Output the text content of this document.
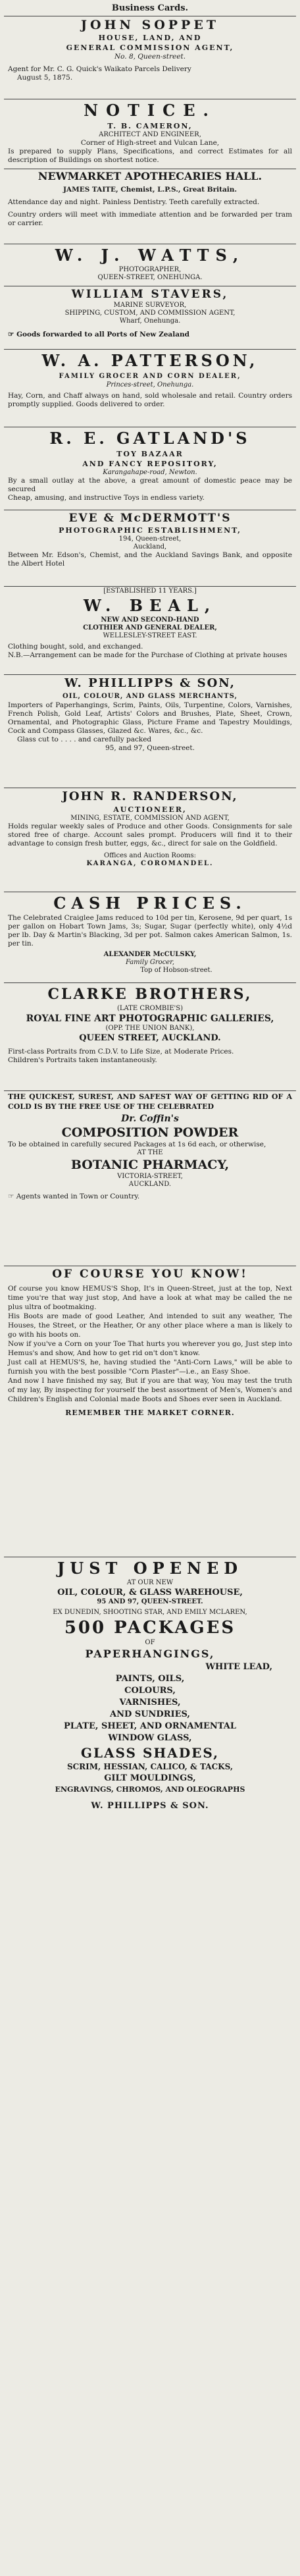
Business Cards.
JOHN SOPPET
HOUSE, LAND, AND
GENERAL COMMISSION AGENT,
No. 8, Queen-street.
Agent for Mr. C. G. Quick's Waikato Parcels Delivery
August 5, 1875.
NOTICE.
T. B. CAMERON,
ARCHITECT AND ENGINEER,
Corner of High-street and Vulcan Lane,
Is prepared to supply Plans, Specifications, and correct Estimates for all description of Buildings on shortest notice.
NEWMARKET APOTHECARIES HALL.
JAMES TAITE, Chemist, L.P.S., Great Britain.
Attendance day and night. Painless Dentistry. Teeth carefully extracted.
Country orders will meet with immediate attention and be forwarded per tram or carrier.
W. J. WATTS,
PHOTOGRAPHER,
QUEEN-STREET, ONEHUNGA.
WILLIAM STAVERS,
MARINE SURVEYOR,
SHIPPING, CUSTOM, AND COMMISSION AGENT,
Wharf, Onehunga.
☞ Goods forwarded to all Ports of New Zealand
W. A. PATTERSON,
FAMILY GROCER AND CORN DEALER,
Princes-street, Onehunga.
Hay, Corn, and Chaff always on hand, sold wholesale and retail. Country orders promptly supplied. Goods delivered to order.
R. E. GATLAND'S
TOY BAZAAR
AND FANCY REPOSITORY,
Karangahape-road, Newton.
By a small outlay at the above, a great amount of domestic peace may be secured
Cheap, amusing, and instructive Toys in endless variety.
EVE & McDERMOTT'S
PHOTOGRAPHIC ESTABLISHMENT,
194, Queen-street,
Auckland,
Between Mr. Edson's, Chemist, and the Auckland Savings Bank, and opposite the Albert Hotel
[ESTABLISHED 11 YEARS.]
W. BEAL,
NEW AND SECOND-HAND
CLOTHIER AND GENERAL DEALER,
WELLESLEY-STREET EAST.
Clothing bought, sold, and exchanged.
N.B.—Arrangement can be made for the Purchase of Clothing at private houses
W. PHILLIPPS & SON,
OIL, COLOUR, AND GLASS MERCHANTS,
Importers of Paperhangings, Scrim, Paints, Oils, Turpentine, Colors, Varnishes, French Polish, Gold Leaf, Artists' Colors and Brushes, Plate, Sheet, Crown, Ornamental, and Photographic Glass, Picture Frame and Tapestry Mouldings, Cock and Compass Glasses, Glazed &c. Wares, &c., &c.
Glass cut to . . . . and carefully packed
95, and 97, Queen-street.
JOHN R. RANDERSON,
AUCTIONEER,
MINING, ESTATE, COMMISSION AND AGENT,
Holds regular weekly sales of Produce and other Goods. Consignments for sale stored free of charge. Account sales prompt. Producers will find it to their advantage to consign fresh butter, eggs, &c., direct for sale on the Goldfield.
Offices and Auction Rooms:
KARANGA, COROMANDEL.
CASH PRICES.
The Celebrated Craiglee Jams reduced to 10d per tin, Kerosene, 9d per quart, 1s per gallon on Hobart Town Jams, 3s; Sugar, Sugar (perfectly white), only 4½d per lb. Day & Martin's Blacking, 3d per pot. Salmon cakes American Salmon, 1s. per tin.
ALEXANDER McCULSKY,
Family Grocer,
Top of Hobson-street.
CLARKE BROTHERS,
(LATE CROMBIE'S)
ROYAL FINE ART PHOTOGRAPHIC GALLERIES,
(OPP. THE UNION BANK),
QUEEN STREET, AUCKLAND.
First-class Portraits from C.D.V. to Life Size, at Moderate Prices.
Children's Portraits taken instantaneously.
THE QUICKEST, SUREST, AND SAFEST WAY OF GETTING RID OF A COLD IS BY THE FREE USE OF THE CELEBRATED
Dr. Coffin's
COMPOSITION POWDER
To be obtained in carefully secured Packages at 1s 6d each, or otherwise,
AT THE
BOTANIC PHARMACY,
VICTORIA-STREET,
AUCKLAND.
☞ Agents wanted in Town or Country.
OF COURSE YOU KNOW!
Of course you know HEMUS'S Shop, It's in Queen-Street, just at the top, Next time you're that way just stop, And have a look at what may be called the ne plus ultra of bootmaking.
His Boots are made of good Leather, And intended to suit any weather, The Houses, the Street, or the Heather, Or any other place where a man is likely to go with his boots on.
Now if you've a Corn on your Toe That hurts you wherever you go, Just step into Hemus's and show, And how to get rid on't don't know.
Just call at HEMUS'S, he, having studied the "Anti-Corn Laws," will be able to furnish you with the best possible "Corn Plaster"—i.e., an Easy Shoe.
And now I have finished my say, But if you are that way, You may test the truth of my lay, By inspecting for yourself the best assortment of Men's, Women's and Children's English and Colonial made Boots and Shoes ever seen in Auckland.
REMEMBER THE MARKET CORNER.
JUST OPENED
AT OUR NEW
OIL, COLOUR, & GLASS WAREHOUSE,
95 AND 97, QUEEN-STREET.
EX DUNEDIN, SHOOTING STAR, AND EMILY MCLAREN,
500 PACKAGES
OF
PAPERHANGINGS,
WHITE LEAD,
PAINTS, OILS,
COLOURS,
VARNISHES,
AND SUNDRIES,
PLATE, SHEET, AND ORNAMENTAL
WINDOW GLASS,
GLASS SHADES,
SCRIM, HESSIAN, CALICO, & TACKS,
GILT MOULDINGS,
ENGRAVINGS, CHROMOS, AND OLEOGRAPHS
W. PHILLIPPS & SON.
